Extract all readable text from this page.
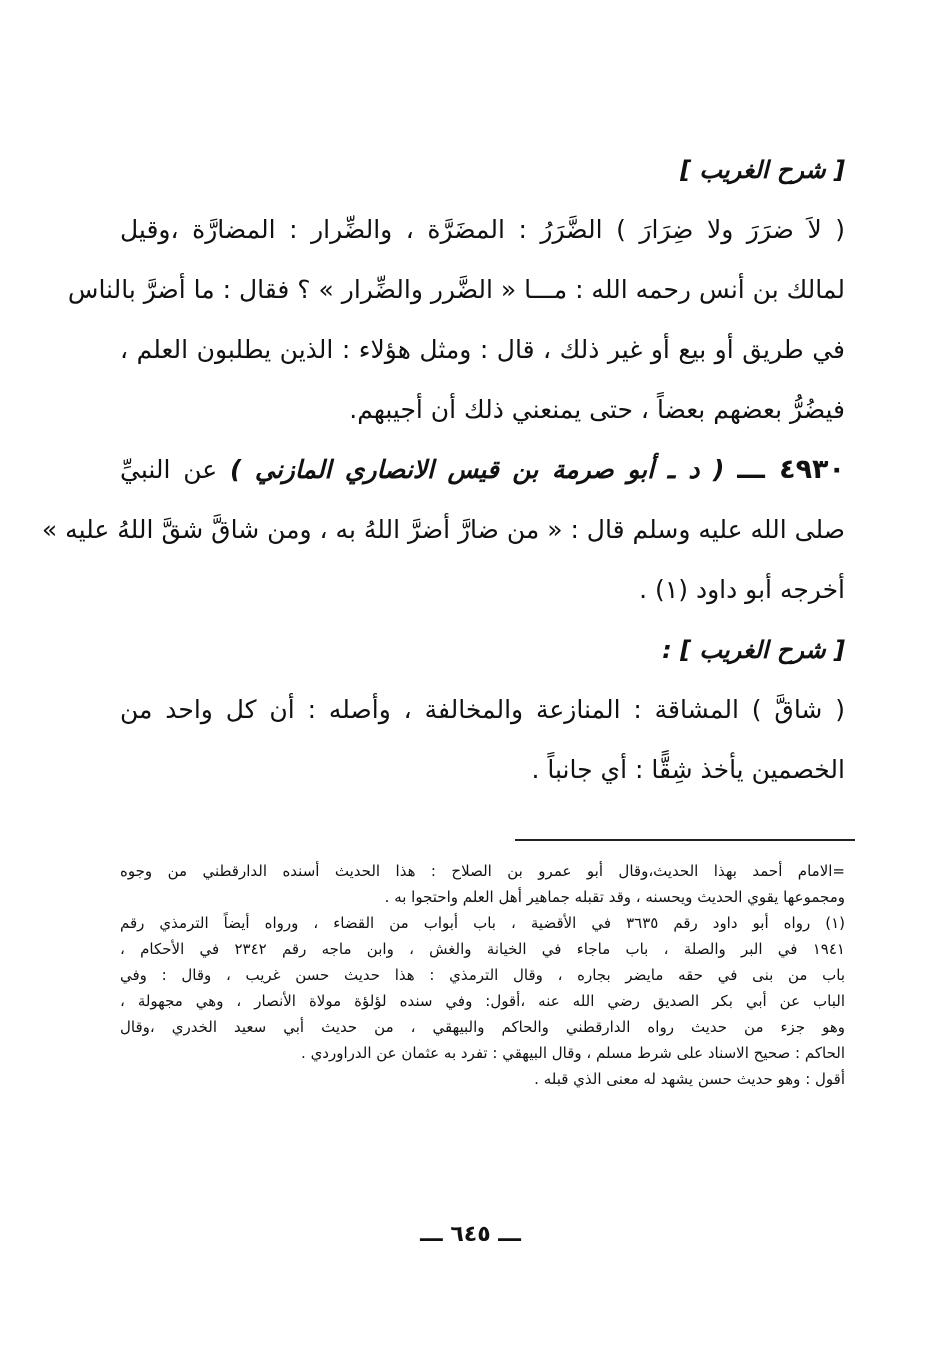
[ شرح الغريب ]
( لاَ ضرَرَ ولا ضِرَارَ ) الضَّرَرُ : المضَرَّة ، والضِّرار : المضارَّة ،وقيل
لمالك بن أنس رحمه الله : مـــا « الضَّرر والضِّرار » ؟ فقال : ما أضرَّ بالناس
في طريق أو بيع أو غير ذلك ، قال : ومثل هؤلاء : الذين يطلبون العلم ،
فيضُرُّ بعضهم بعضاً ، حتى يمنعني ذلك أن أجيبهم.
٤٩٣٠ ـــ ( د ـ أبو صرمة بن قيس الانصاري المازني ) عن النبيِّ
صلى الله عليه وسلم قال : « من ضارَّ أضرَّ اللهُ به ، ومن شاقَّ شقَّ اللهُ عليه »
أخرجه أبو داود (١) .
[ شرح الغريب ] :
( شاقَّ ) المشاقة : المنازعة والمخالفة ، وأصله : أن كل واحد من
الخصمين يأخذ شِقًّا : أي جانباً .
=الامام أحمد بهذا الحديث،وقال أبو عمرو بن الصلاح : هذا الحديث أسنده الدارقطني من وجوه
ومجموعها يقوي الحديث ويحسنه ، وقد تقبله جماهير أهل العلم واحتجوا به .
(١) رواه أبو داود رقم ٣٦٣٥ في الأقضية ، باب أبواب من القضاء ، ورواه أيضاً الترمذي رقم
١٩٤١ في البر والصلة ، باب ماجاء في الخيانة والغش ، وابن ماجه رقم ٢٣٤٢ في الأحكام ،
باب من بنى في حقه مايضر بجاره ، وقال الترمذي : هذا حديث حسن غريب ، وقال : وفي
الباب عن أبي بكر الصديق رضي الله عنه ،أقول: وفي سنده لؤلؤة مولاة الأنصار ، وهي مجهولة ،
وهو جزء من حديث رواه الدارقطني والحاكم والبيهقي ، من حديث أبي سعيد الخدري ،وقال
الحاكم : صحيح الاسناد على شرط مسلم ، وقال البيهقي : تفرد به عثمان عن الدراوردي .
أقول : وهو حديث حسن يشهد له معنى الذي قبله .
ـــ ٦٤٥ ـــ
